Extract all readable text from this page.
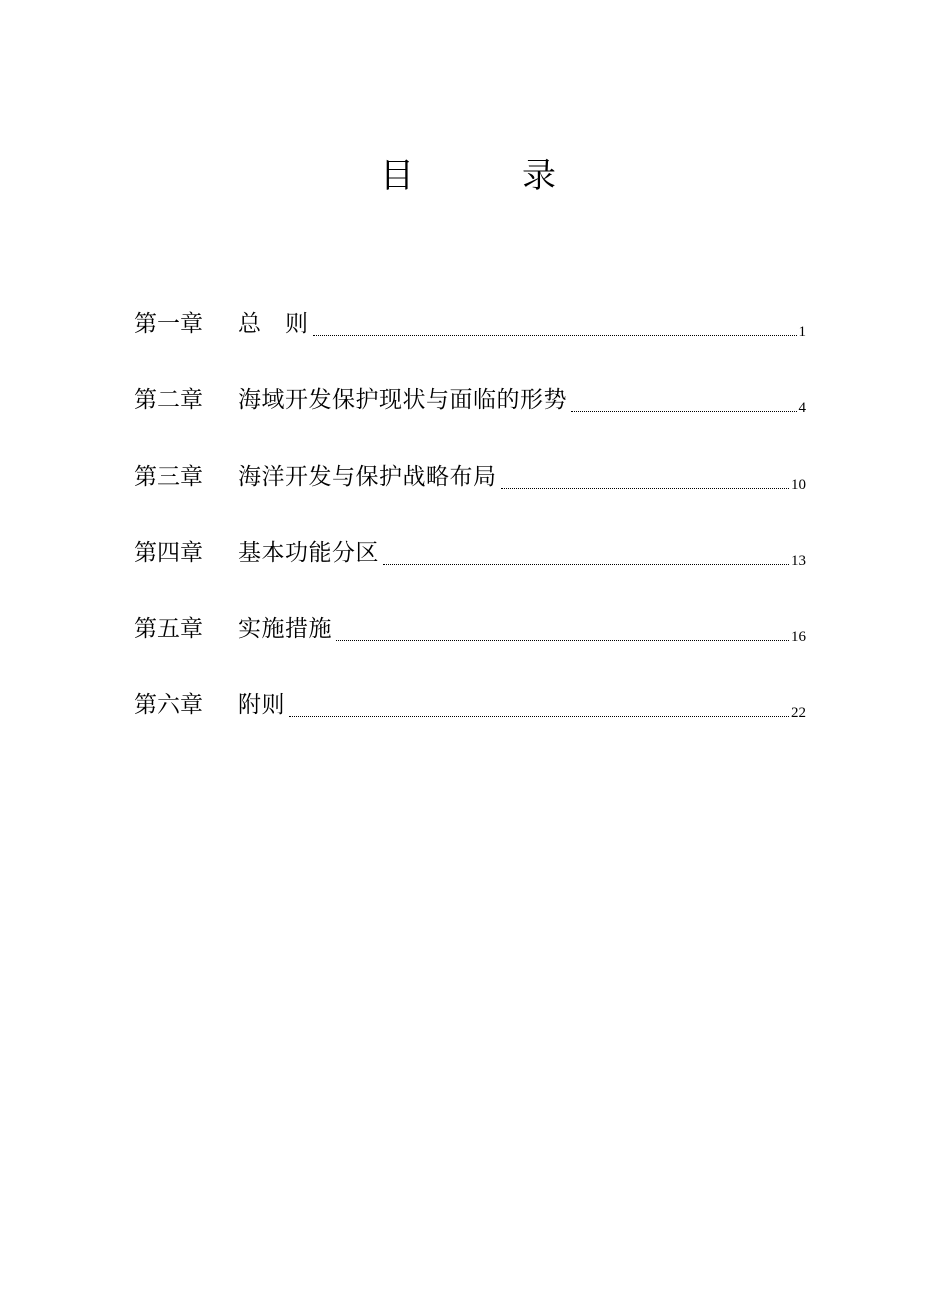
目	录
第一章	总　则	1
第二章	海域开发保护现状与面临的形势	4
第三章	海洋开发与保护战略布局	10
第四章	基本功能分区	13
第五章	实施措施	16
第六章	附则	22
